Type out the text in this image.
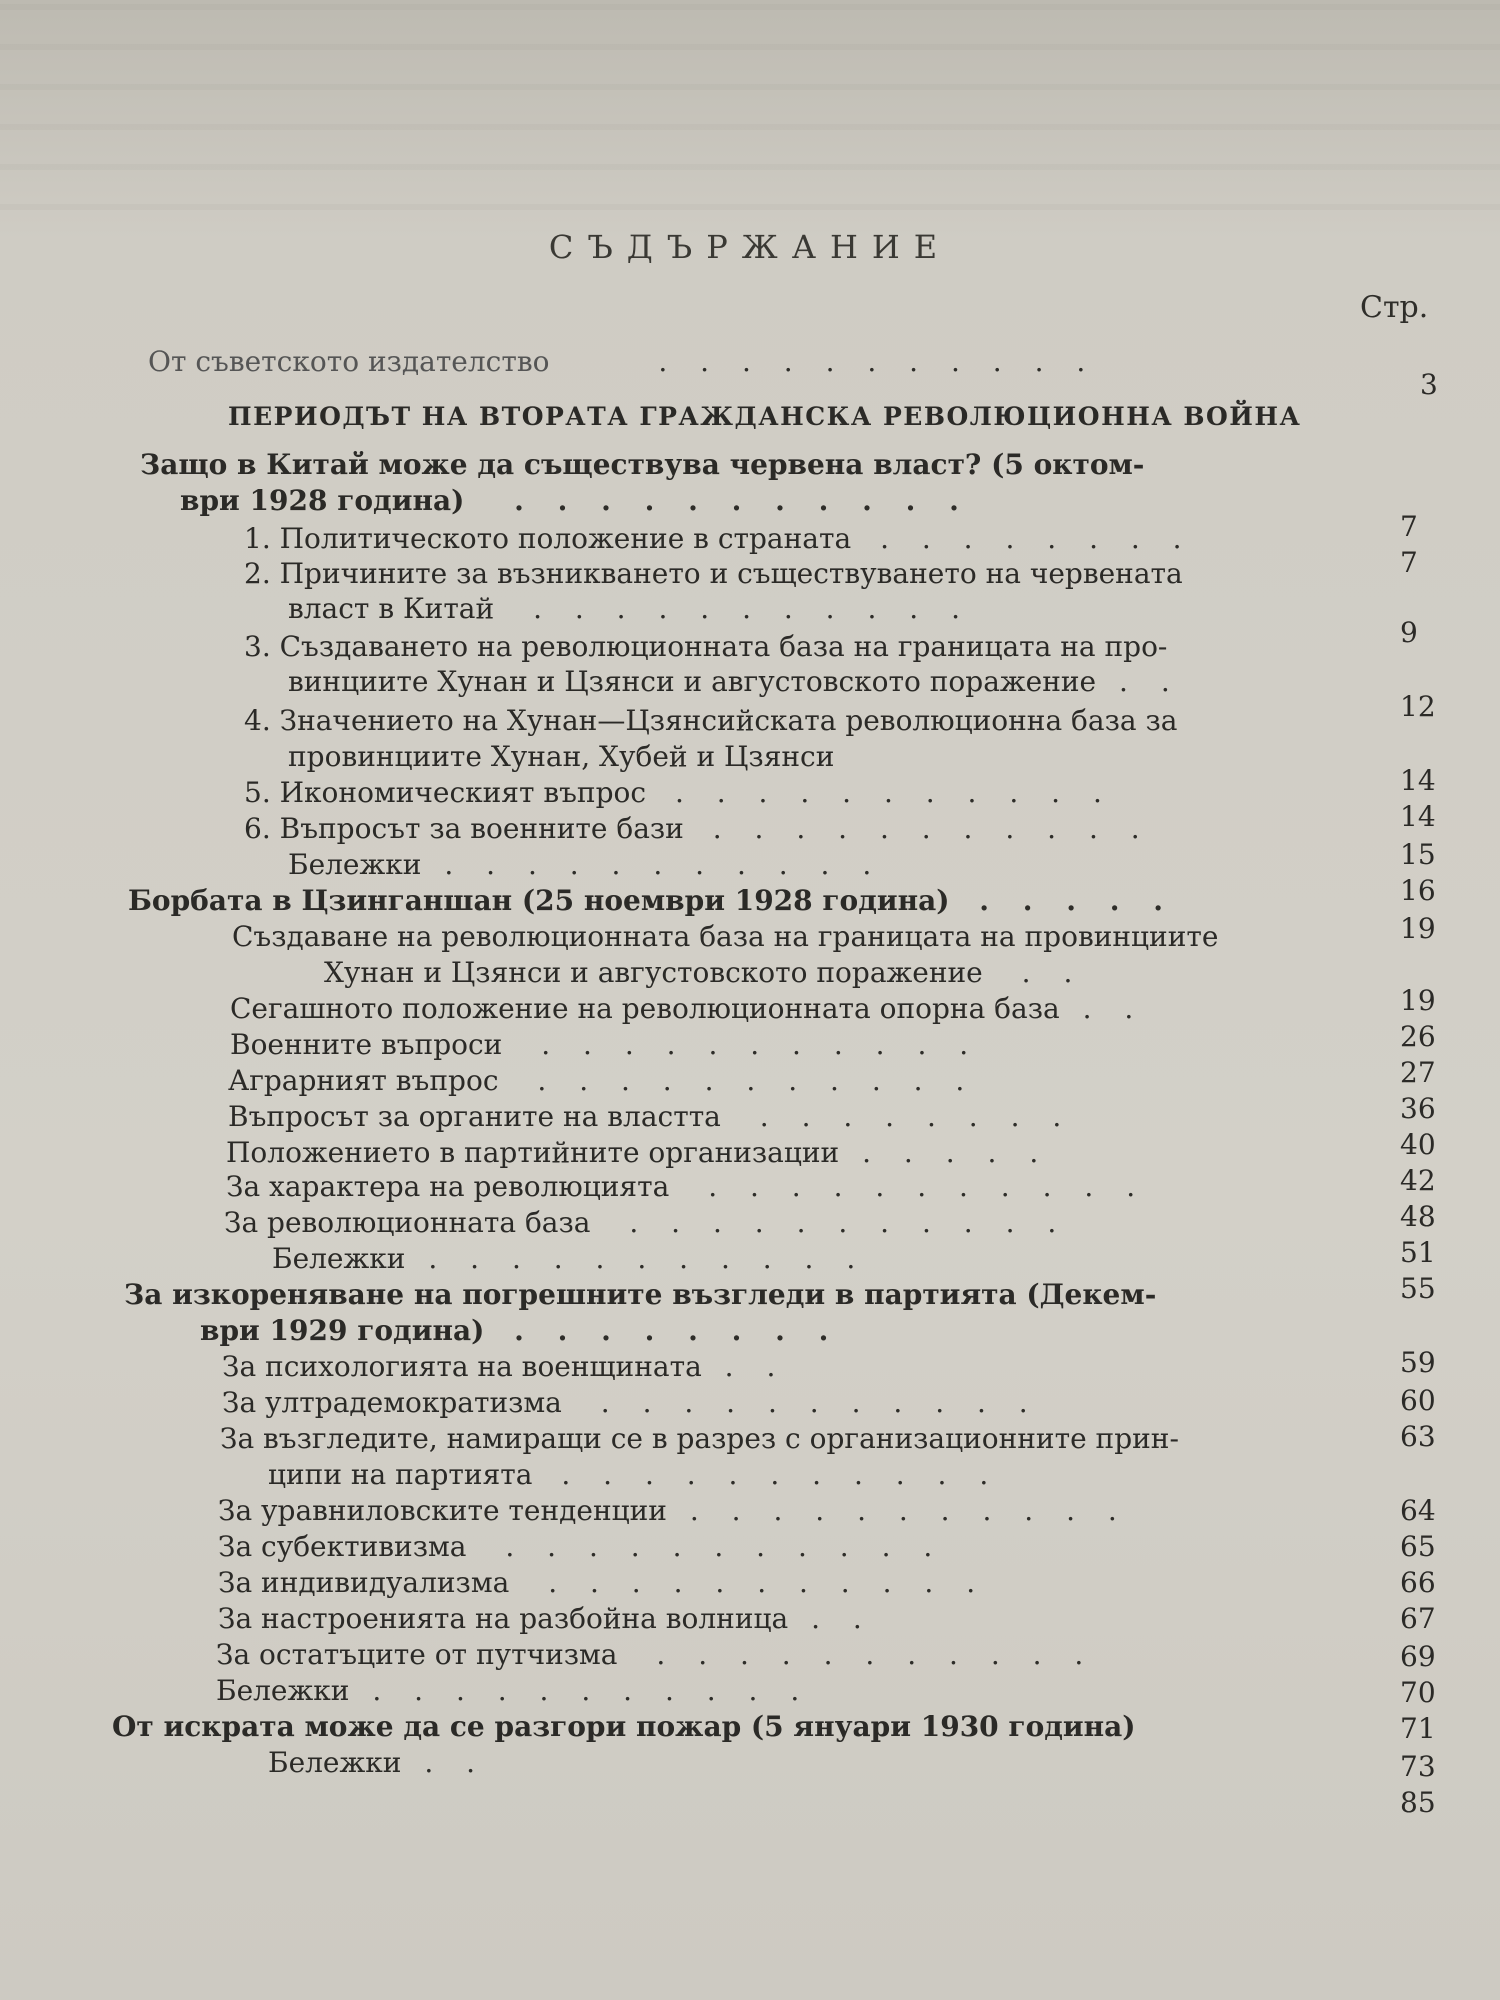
СЪДЪРЖАНИЕ
Стр.
От съветското издателство	. . . . . . . . . . .
3
ПЕРИОДЪТ НА ВТОРАТА ГРАЖДАНСКА РЕВОЛЮЦИОННА ВОЙНА
Защо в Китай може да съществува червена власт? (5 октом-
ври 1928 година) . . . . . . . . . . .
7
1. Политическото положение в страната . . . . . . . .
7
2. Причините за възникването и съществуването на червената
власт в Китай . . . . . . . . . . .
9
3. Създаването на революционната база на границата на про-
винциите Хунан и Цзянси и августовското поражение . .
12
4. Значението на Хунан—Цзянсийската революционна база за
провинциите Хунан, Хубей и Цзянси
14
5. Икономическият въпрос . . . . . . . . . . .
14
6. Въпросът за военните бази . . . . . . . . . . .
15
Бележки . . . . . . . . . . .
16
Борбата в Цзинганшан (25 ноември 1928 година) . . . . .
19
Създаване на революционната база на границата на провинциите
Хунан и Цзянси и августовското поражение . .
19
Сегашното положение на революционната опорна база . .
26
Военните въпроси . . . . . . . . . . .
27
Аграрният въпрос . . . . . . . . . . .
36
Въпросът за органите на властта . . . . . . . .
40
Положението в партийните организации . . . . .
42
За характера на революцията . . . . . . . . . . .
48
За революционната база . . . . . . . . . . .
51
Бележки . . . . . . . . . . .
55
За изкореняване на погрешните възгледи в партията (Декем-
ври 1929 година) . . . . . . . .
59
За психологията на военщината . .
60
За ултрадемократизма . . . . . . . . . . .
63
За възгледите, намиращи се в разрез с организационните прин-
ципи на партията . . . . . . . . . . .
64
За уравниловските тенденции . . . . . . . . . . .
65
За субективизма . . . . . . . . . . .
66
За индивидуализма . . . . . . . . . . .
67
За настроенията на разбойна волница . .
69
За остатъците от путчизма . . . . . . . . . . .
70
Бележки . . . . . . . . . . .
71
От искрата може да се разгори пожар (5 януари 1930 година)
73
Бележки . .
85
